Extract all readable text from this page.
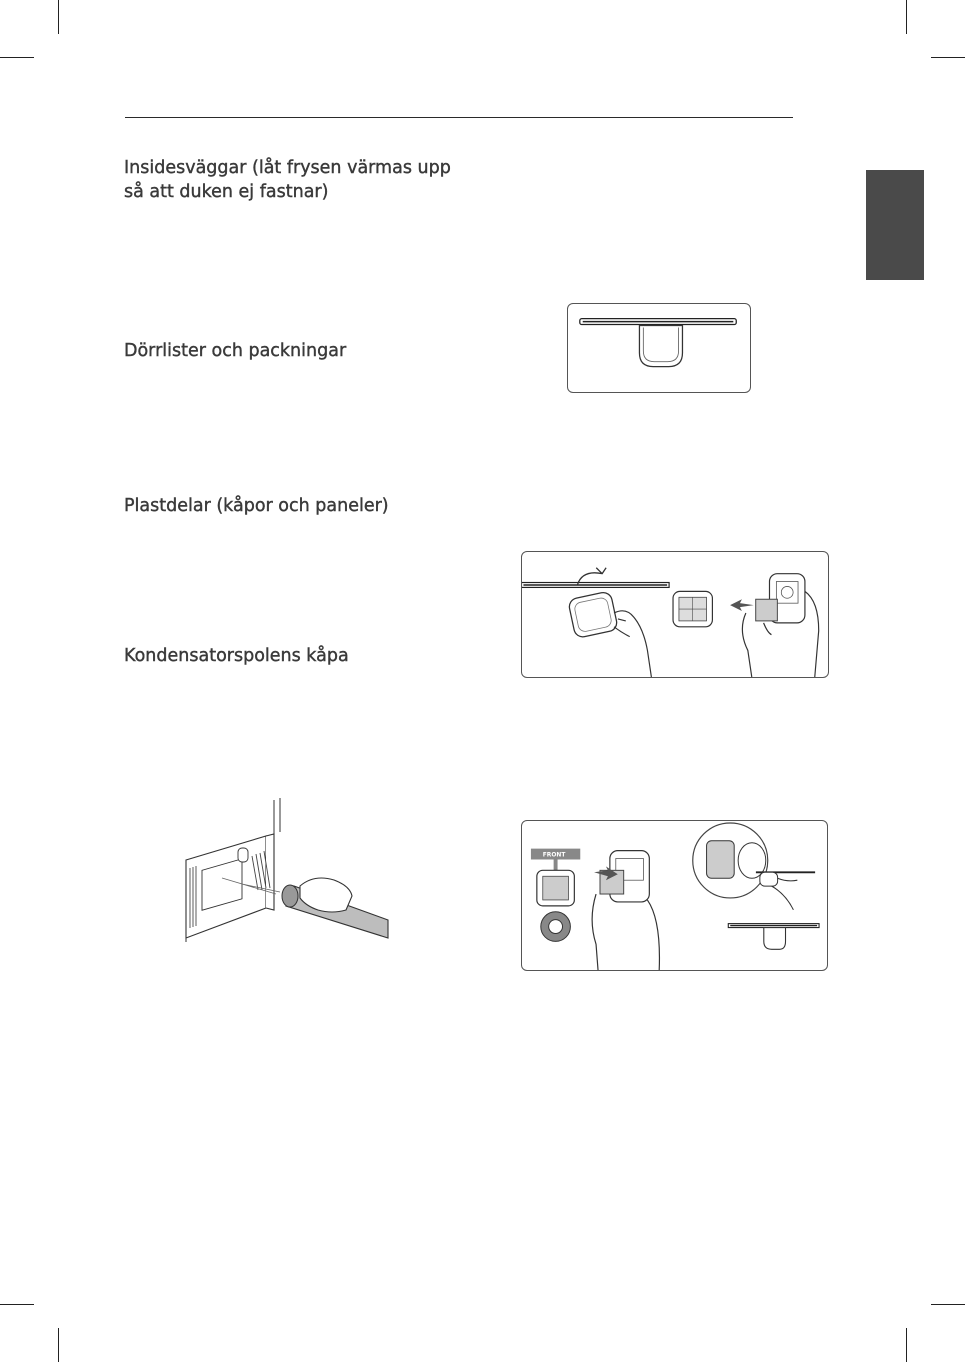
Insidesväggar (låt frysen värmas upp så att duken ej fastnar)
Dörrlister och packningar
Plastdelar (kåpor och paneler)
Kondensatorspolens kåpa
FRONT
